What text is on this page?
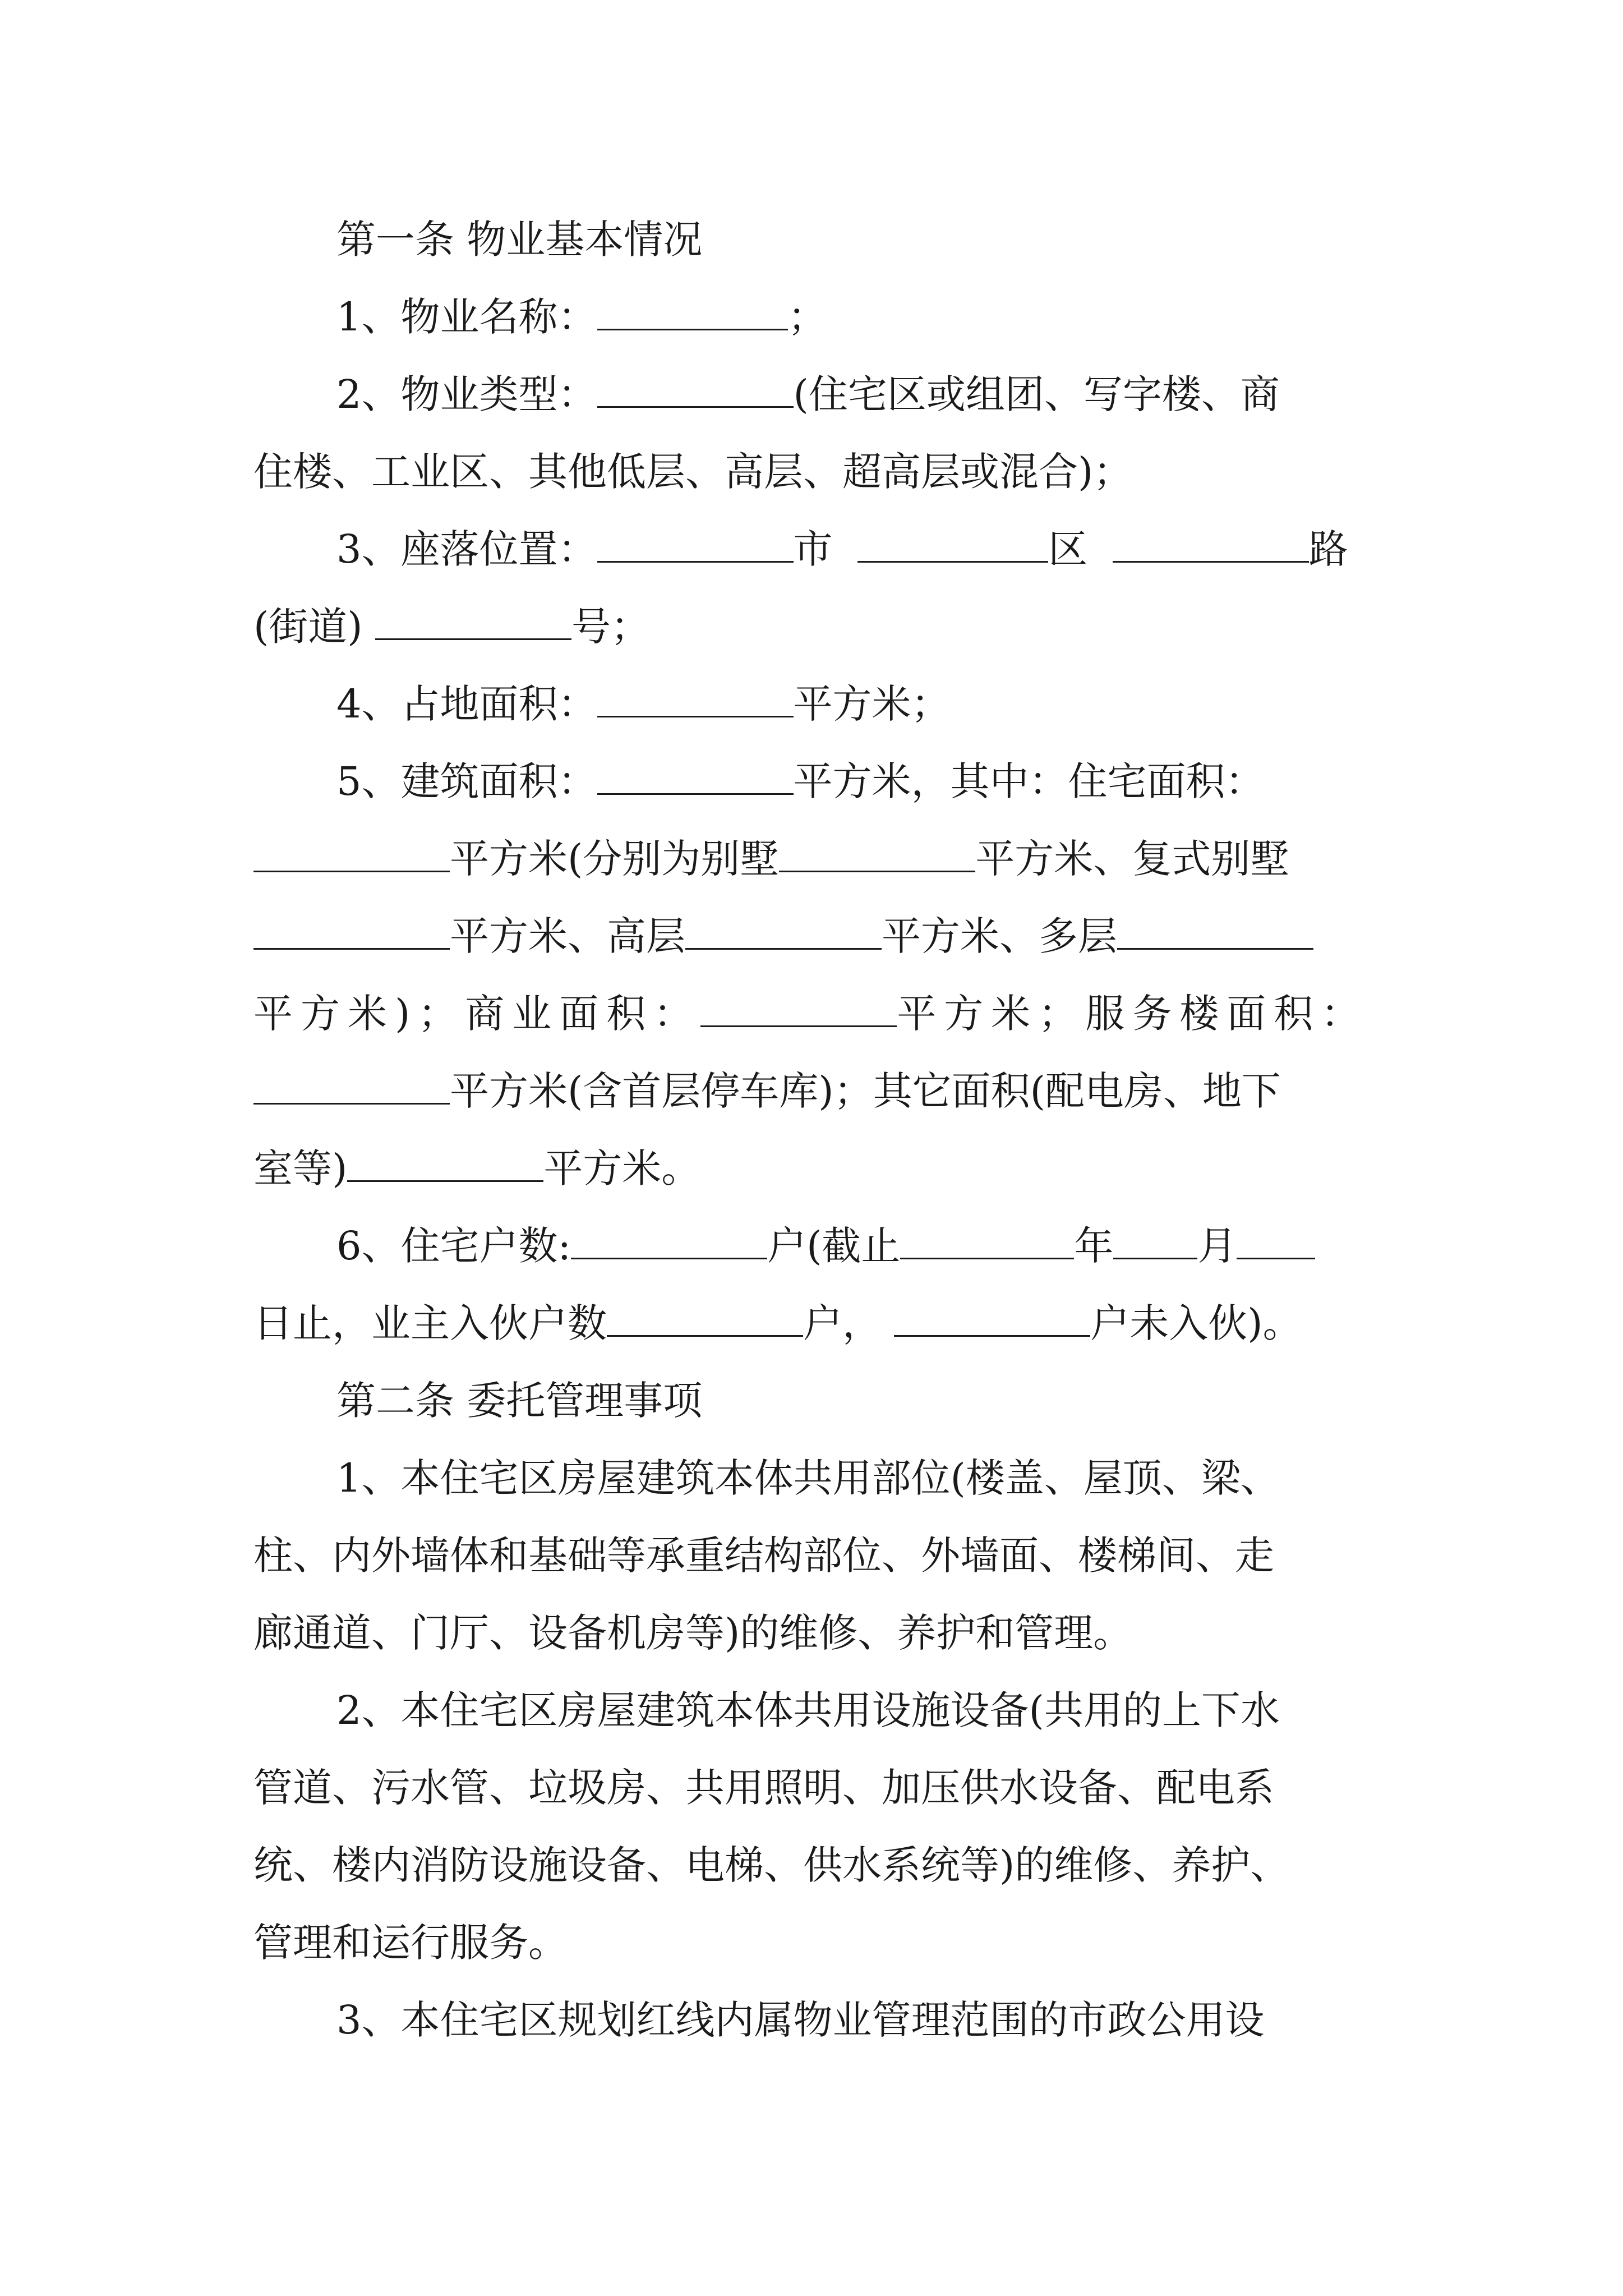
第一条 物业基本情况
1、物业名称：	；
2、物业类型：	(住宅区或组团、写字楼、商
住楼、工业区、其他低层、高层、超高层或混合)；
3、座落位置：	市	区	路
(街道)	号；
4、占地面积：	平方米；
5、建筑面积：	平方米，其中：住宅面积：
平方米(分别为别墅	平方米、复式别墅
平方米、高层	平方米、多层
平方米)；商业面积：	平方米；服务楼面积：
平方米(含首层停车库)；其它面积(配电房、地下
室等)	平方米。
6、住宅户数:	户(截止	年 月
日止，业主入伙户数	户，	户未入伙)。
第二条 委托管理事项
1、本住宅区房屋建筑本体共用部位(楼盖、屋顶、梁、
柱、内外墙体和基础等承重结构部位、外墙面、楼梯间、走
廊通道、门厅、设备机房等)的维修、养护和管理。
2、本住宅区房屋建筑本体共用设施设备(共用的上下水
管道、污水管、垃圾房、共用照明、加压供水设备、配电系
统、楼内消防设施设备、电梯、供水系统等)的维修、养护、
管理和运行服务。
3、本住宅区规划红线内属物业管理范围的市政公用设
